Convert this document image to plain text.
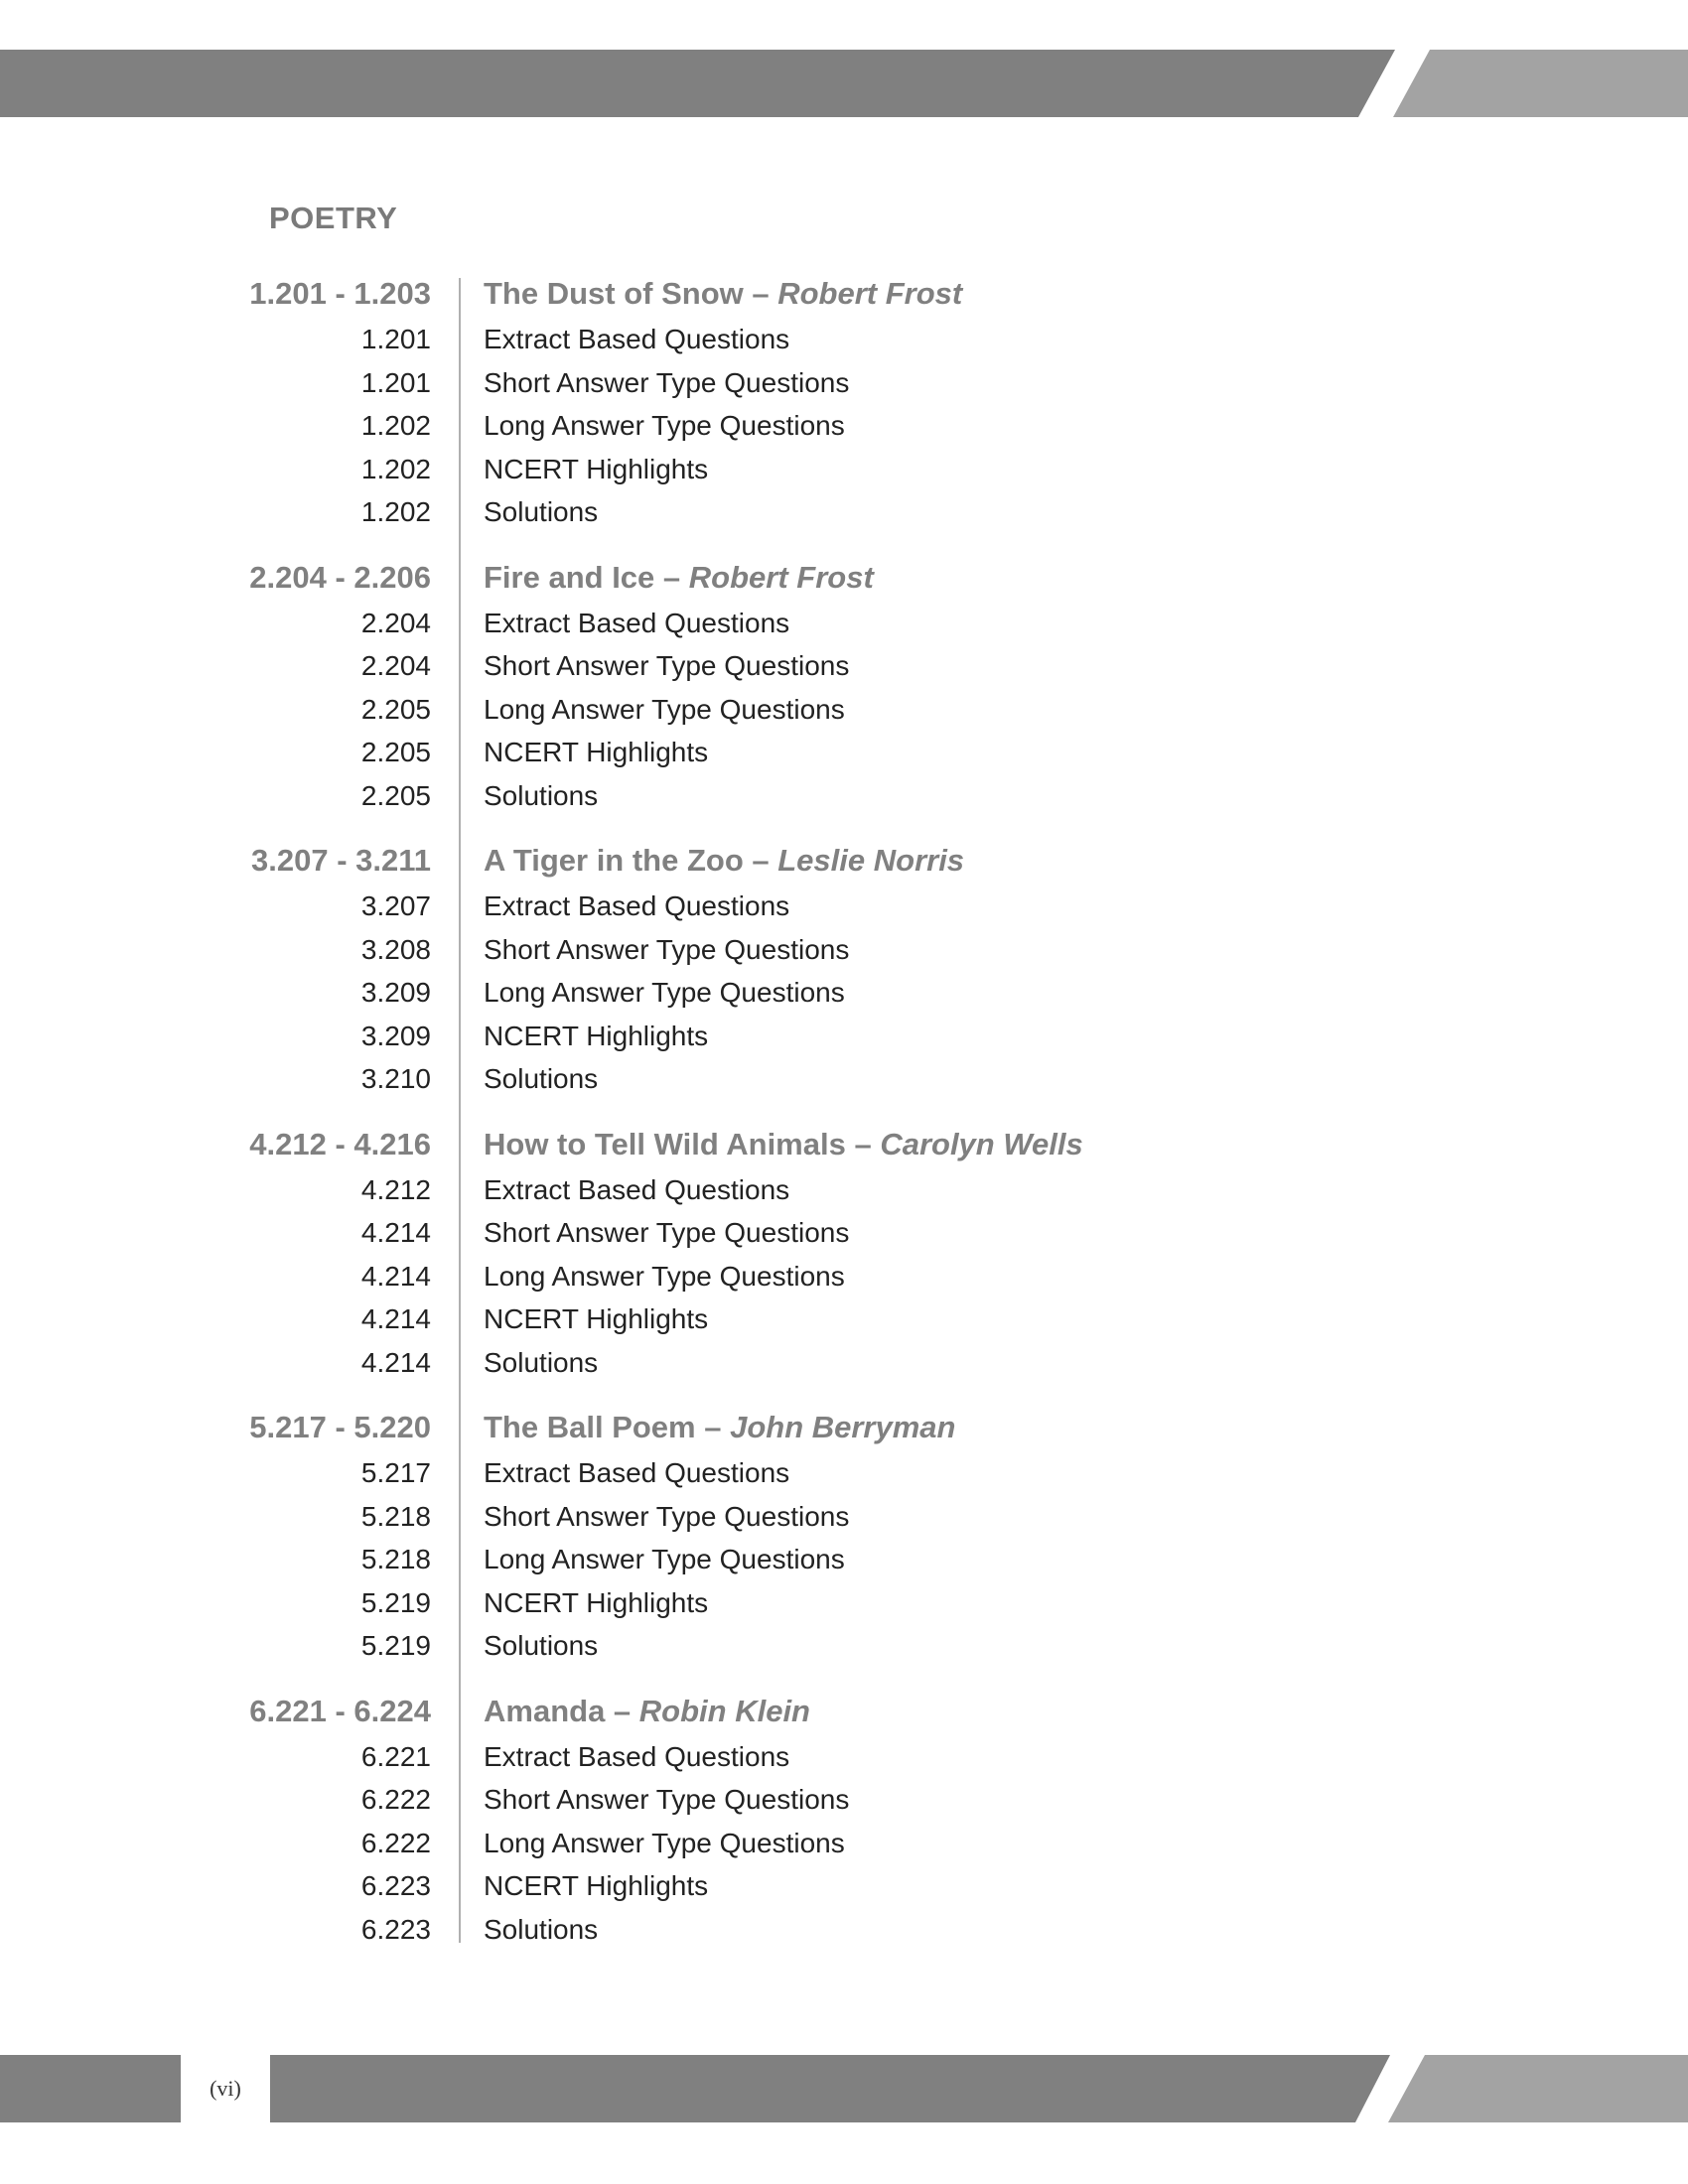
POETRY
1.201 - 1.203 The Dust of Snow – Robert Frost
1.201 Extract Based Questions
1.201 Short Answer Type Questions
1.202 Long Answer Type Questions
1.202 NCERT Highlights
1.202 Solutions
2.204 - 2.206 Fire and Ice – Robert Frost
2.204 Extract Based Questions
2.204 Short Answer Type Questions
2.205 Long Answer Type Questions
2.205 NCERT Highlights
2.205 Solutions
3.207 - 3.211 A Tiger in the Zoo – Leslie Norris
3.207 Extract Based Questions
3.208 Short Answer Type Questions
3.209 Long Answer Type Questions
3.209 NCERT Highlights
3.210 Solutions
4.212 - 4.216 How to Tell Wild Animals – Carolyn Wells
4.212 Extract Based Questions
4.214 Short Answer Type Questions
4.214 Long Answer Type Questions
4.214 NCERT Highlights
4.214 Solutions
5.217 - 5.220 The Ball Poem – John Berryman
5.217 Extract Based Questions
5.218 Short Answer Type Questions
5.218 Long Answer Type Questions
5.219 NCERT Highlights
5.219 Solutions
6.221 - 6.224 Amanda – Robin Klein
6.221 Extract Based Questions
6.222 Short Answer Type Questions
6.222 Long Answer Type Questions
6.223 NCERT Highlights
6.223 Solutions
(vi)
